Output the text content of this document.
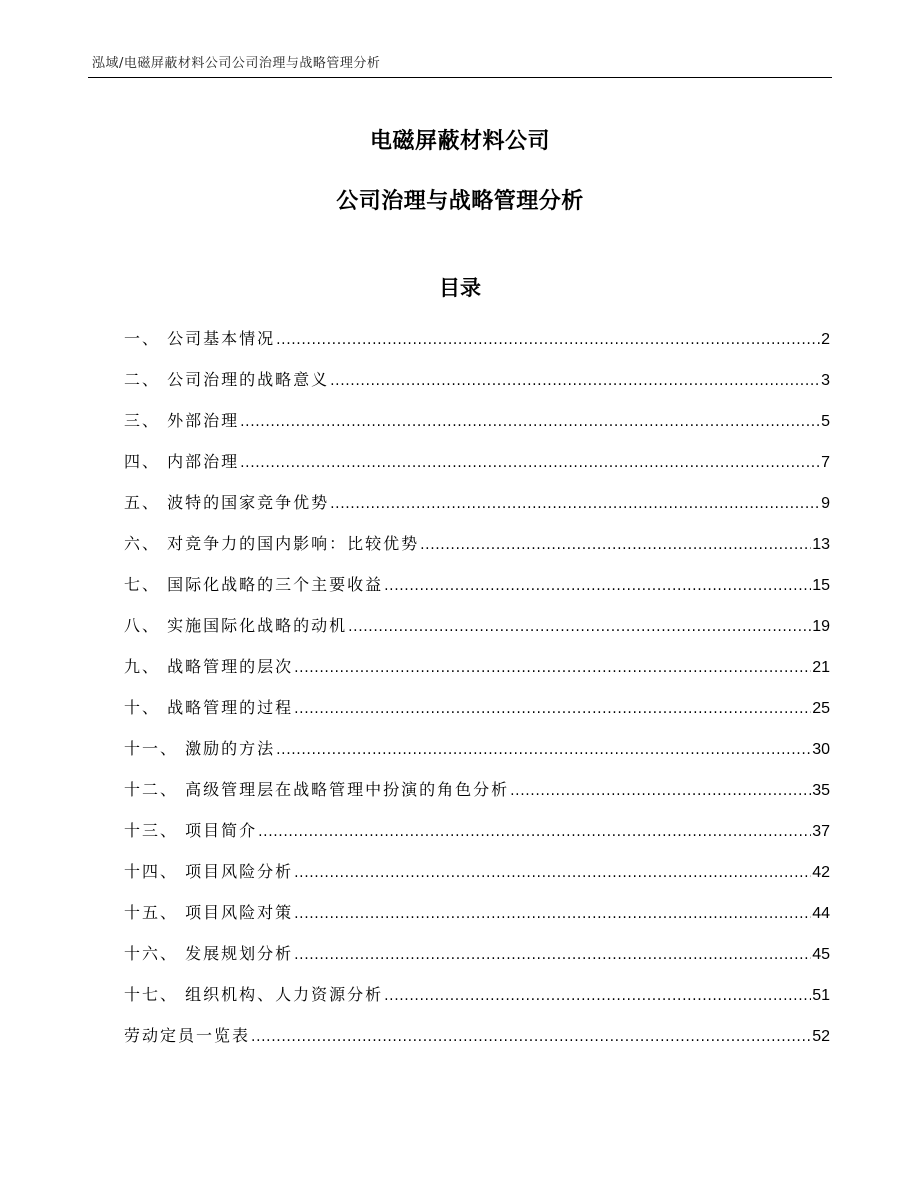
泓域/电磁屏蔽材料公司公司治理与战略管理分析
电磁屏蔽材料公司
公司治理与战略管理分析
目录
一、 公司基本情况 .....	2
二、 公司治理的战略意义 .....	3
三、 外部治理 .....	5
四、 内部治理 .....	7
五、 波特的国家竞争优势 .....	9
六、 对竞争力的国内影响：比较优势 .....	13
七、 国际化战略的三个主要收益 .....	15
八、 实施国际化战略的动机 .....	19
九、 战略管理的层次 .....	21
十、 战略管理的过程 .....	25
十一、 激励的方法 .....	30
十二、 高级管理层在战略管理中扮演的角色分析 .....	35
十三、 项目简介 .....	37
十四、 项目风险分析 .....	42
十五、 项目风险对策 .....	44
十六、 发展规划分析 .....	45
十七、 组织机构、人力资源分析 .....	51
劳动定员一览表 .....	52
